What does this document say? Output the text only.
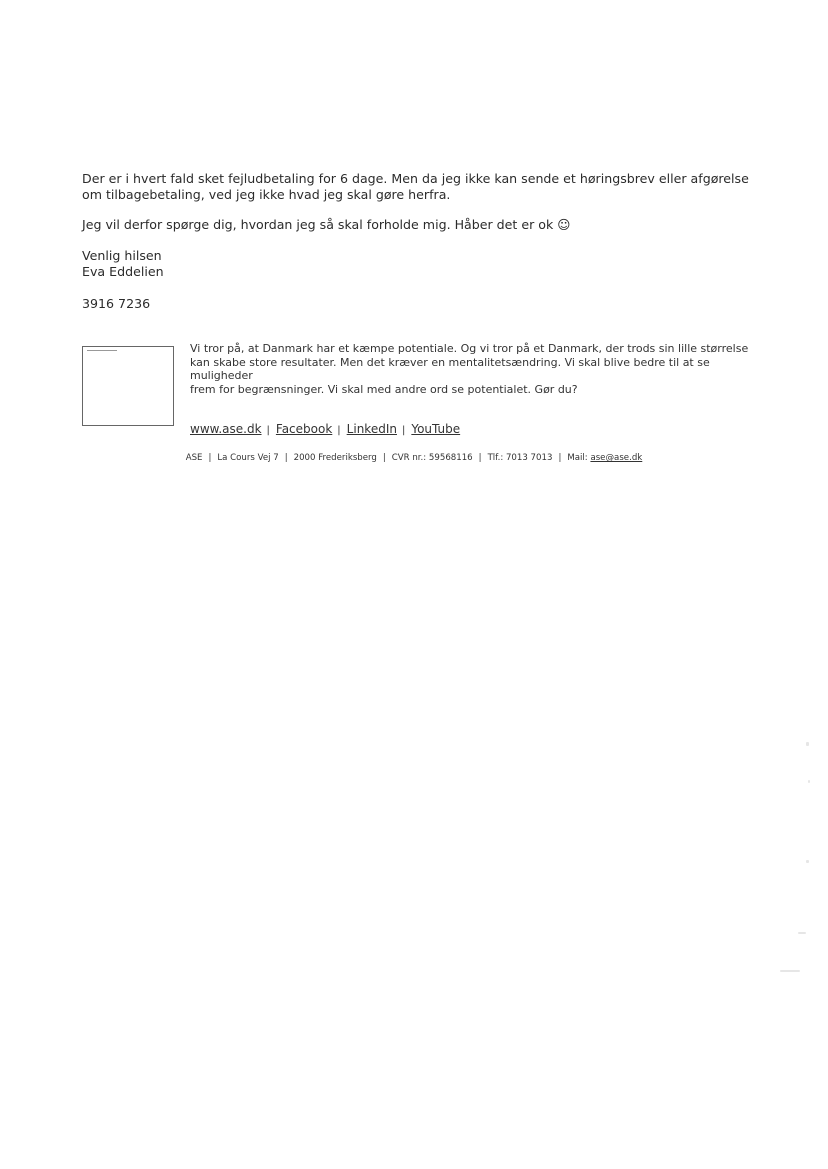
Der er i hvert fald sket fejludbetaling for 6 dage. Men da jeg ikke kan sende et høringsbrev eller afgørelse om tilbagebetaling, ved jeg ikke hvad jeg skal gøre herfra.

Jeg vil derfor spørge dig, hvordan jeg så skal forholde mig. Håber det er ok ☺

Venlig hilsen

Eva Eddelien

3916 7236

Vi tror på, at Danmark har et kæmpe potentiale. Og vi tror på et Danmark, der trods sin lille størrelse
kan skabe store resultater. Men det kræver en mentalitetsændring. Vi skal blive bedre til at se
muligheder
frem for begrænsninger. Vi skal med andre ord se potentialet. Gør du?
www.ase.dk | Facebook | LinkedIn | YouTube
ASE | La Cours Vej 7 | 2000 Frederiksberg | CVR nr.: 59568116 | Tlf.: 7013 7013 | Mail: ase@ase.dk
